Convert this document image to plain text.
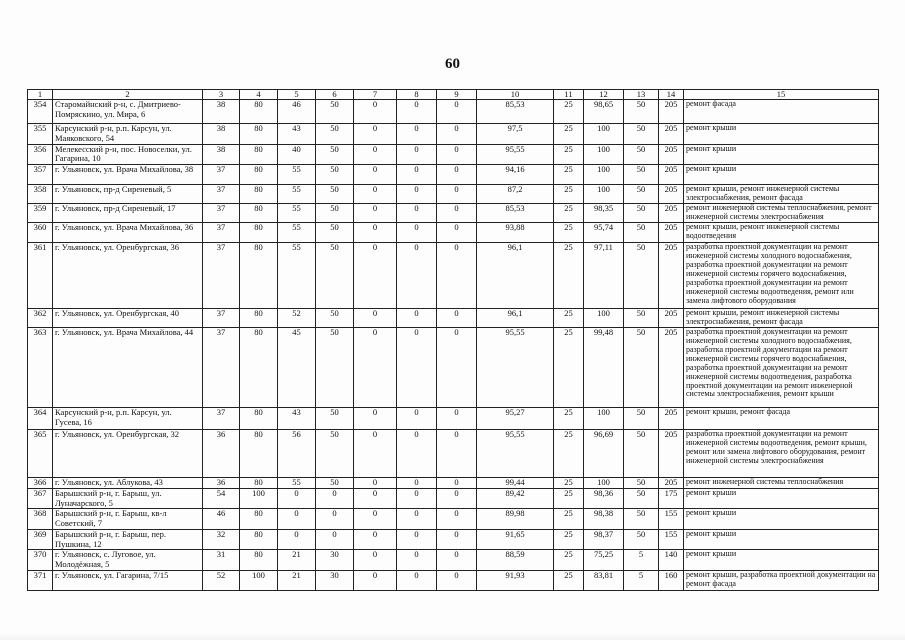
60
1	2	3	4	5	6	7	8	9	10	11	12	13	14	15
354	Старомайнский р-н, с. Дмитриево-Помряскино, ул. Мира, 6	38	80	46	50	0	0	0	85,53	25	98,65	50	205	ремонт фасада
355	Карсунский р-н, р.п. Карсун, ул. Маяковского, 54	38	80	43	50	0	0	0	97,5	25	100	50	205	ремонт крыши
356	Мелекесский р-н, пос. Новоселки, ул. Гагарина, 10	38	80	40	50	0	0	0	95,55	25	100	50	205	ремонт крыши
357	г. Ульяновск, ул. Врача Михайлова, 38	37	80	55	50	0	0	0	94,16	25	100	50	205	ремонт крыши
358	г. Ульяновск, пр-д Сиреневый, 5	37	80	55	50	0	0	0	87,2	25	100	50	205	ремонт крыши, ремонт инженерной системы электроснабжения, ремонт фасада
359	г. Ульяновск, пр-д Сиреневый, 17	37	80	55	50	0	0	0	85,53	25	98,35	50	205	ремонт инженерной системы теплоснабжения, ремонт инженерной системы электроснабжения
360	г. Ульяновск, ул. Врача Михайлова, 36	37	80	55	50	0	0	0	93,88	25	95,74	50	205	ремонт крыши, ремонт инженерной системы водоотведения
361	г. Ульяновск, ул. Оренбургская, 36	37	80	55	50	0	0	0	96,1	25	97,11	50	205	разработка проектной документации на ремонт инженерной системы холодного водоснабжения, разработка проектной документации на ремонт инженерной системы горячего водоснабжения, разработка проектной документации на ремонт инженерной системы водоотведения, ремонт или замена лифтового оборудования
362	г. Ульяновск, ул. Оренбургская, 40	37	80	52	50	0	0	0	96,1	25	100	50	205	ремонт крыши, ремонт инженерной системы электроснабжения, ремонт фасада
363	г. Ульяновск, ул. Врача Михайлова, 44	37	80	45	50	0	0	0	95,55	25	99,48	50	205	разработка проектной документации на ремонт инженерной системы холодного водоснабжения, разработка проектной документации на ремонт инженерной системы горячего водоснабжения, разработка проектной документации на ремонт инженерной системы водоотведения, разработка проектной документации на ремонт инженерной системы электроснабжения, ремонт крыши
364	Карсунский р-н, р.п. Карсун, ул. Гусева, 16	37	80	43	50	0	0	0	95,27	25	100	50	205	ремонт крыши, ремонт фасада
365	г. Ульяновск, ул. Оренбургская, 32	36	80	56	50	0	0	0	95,55	25	96,69	50	205	разработка проектной документации на ремонт инженерной системы водоотведения, ремонт крыши, ремонт или замена лифтового оборудования, ремонт инженерной системы электроснабжения
366	г. Ульяновск, ул. Аблукова, 43	36	80	55	50	0	0	0	99,44	25	100	50	205	ремонт инженерной системы теплоснабжения
367	Барышский р-н, г. Барыш, ул. Луначарского, 5	54	100	0	0	0	0	0	89,42	25	98,36	50	175	ремонт крыши
368	Барышский р-н, г. Барыш, кв-л Советский, 7	46	80	0	0	0	0	0	89,98	25	98,38	50	155	ремонт крыши
369	Барышский р-н, г. Барыш, пер. Пушкина, 12	32	80	0	0	0	0	0	91,65	25	98,37	50	155	ремонт крыши
370	г. Ульяновск, с. Луговое, ул. Молодёжная, 5	31	80	21	30	0	0	0	88,59	25	75,25	5	140	ремонт крыши
371	г. Ульяновск, ул. Гагарина, 7/15	52	100	21	30	0	0	0	91,93	25	83,81	5	160	ремонт крыши, разработка проектной документации на ремонт фасада
